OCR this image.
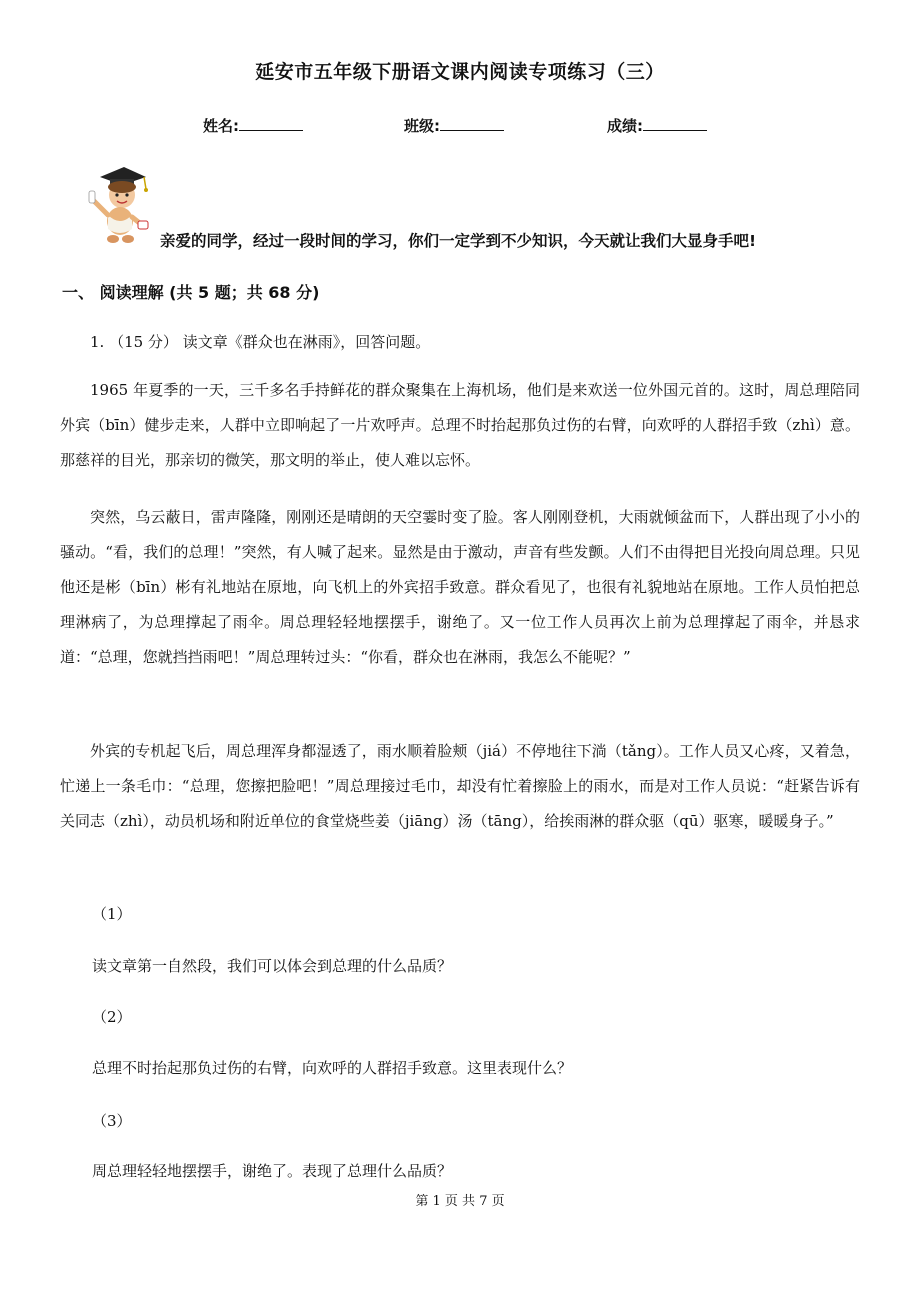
延安市五年级下册语文课内阅读专项练习（三）
姓名:	班级:	成绩:
亲爱的同学，经过一段时间的学习，你们一定学到不少知识，今天就让我们大显身手吧!
一、 阅读理解 (共 5 题；共 68 分)
1. （15 分） 读文章《群众也在淋雨》，回答问题。

1965 年夏季的一天，三千多名手持鲜花的群众聚集在上海机场，他们是来欢送一位外国元首的。这时，周总理陪同外宾（bīn）健步走来，人群中立即响起了一片欢呼声。总理不时抬起那负过伤的右臂，向欢呼的人群招手致（zhì）意。那慈祥的目光，那亲切的微笑，那文明的举止，使人难以忘怀。

突然，乌云蔽日，雷声隆隆，刚刚还是晴朗的天空霎时变了脸。客人刚刚登机，大雨就倾盆而下，人群出现了小小的骚动。“看，我们的总理！”突然，有人喊了起来。显然是由于激动，声音有些发颤。人们不由得把目光投向周总理。只见他还是彬（bīn）彬有礼地站在原地，向飞机上的外宾招手致意。群众看见了，也很有礼貌地站在原地。工作人员怕把总理淋病了，为总理撑起了雨伞。周总理轻轻地摆摆手，谢绝了。又一位工作人员再次上前为总理撑起了雨伞，并恳求道：“总理，您就挡挡雨吧！”周总理转过头：“你看，群众也在淋雨，我怎么不能呢？”

外宾的专机起飞后，周总理浑身都湿透了，雨水顺着脸颊（jiá）不停地往下淌（tǎng）。工作人员又心疼，又着急，忙递上一条毛巾：“总理，您擦把脸吧！”周总理接过毛巾，却没有忙着擦脸上的雨水，而是对工作人员说：“赶紧告诉有关同志（zhì），动员机场和附近单位的食堂烧些姜（jiāng）汤（tāng），给挨雨淋的群众驱（qū）驱寒，暖暖身子。”

（1）
读文章第一自然段，我们可以体会到总理的什么品质？
（2）
总理不时抬起那负过伤的右臂，向欢呼的人群招手致意。这里表现什么？
（3）
周总理轻轻地摆摆手，谢绝了。表现了总理什么品质？
第 1 页 共 7 页
